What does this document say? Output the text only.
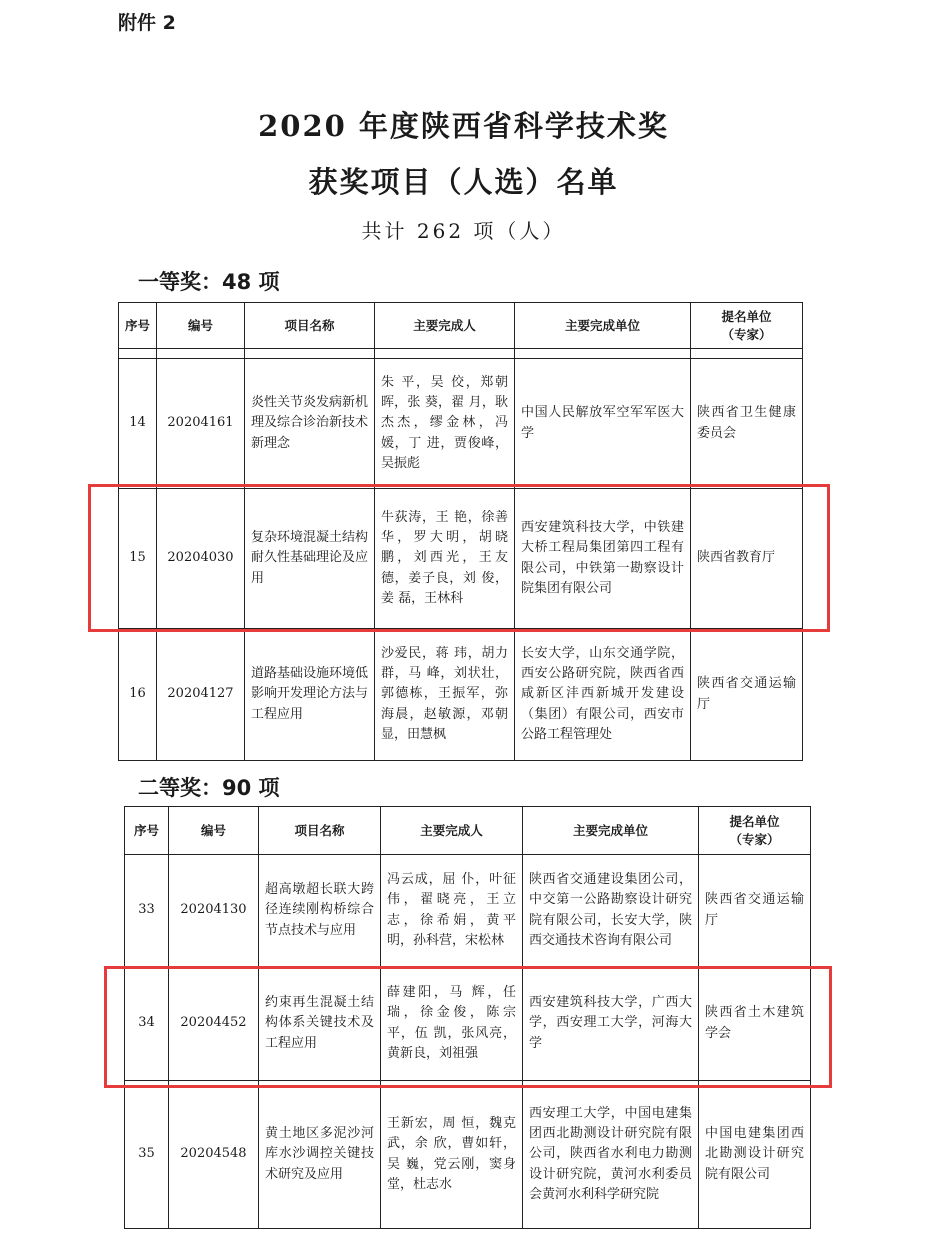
附件 2
2020 年度陕西省科学技术奖
获奖项目（人选）名单
共计 262 项（人）
一等奖：48 项
序号	编号	项目名称	主要完成人	主要完成单位	提名单位
（专家）

14	20204161	炎性关节炎发病新机理及综合诊治新技术新理念	朱 平，吴 佼，郑朝晖，张 葵，翟 月，耿杰杰，缪金林，冯 媛，丁 进，贾俊峰，吴振彪	中国人民解放军空军军医大学	陕西省卫生健康委员会
15	20204030	复杂环境混凝土结构耐久性基础理论及应用	牛荻涛，王 艳，徐善华，罗大明，胡晓鹏，刘西光，王友德，姜子良，刘 俊，姜 磊，王林科	西安建筑科技大学，中铁建大桥工程局集团第四工程有限公司，中铁第一勘察设计院集团有限公司	陕西省教育厅
16	20204127	道路基础设施环境低影响开发理论方法与工程应用	沙爱民，蒋 玮，胡力群，马 峰，刘状壮，郭德栋，王振军，弥海晨，赵敏源，邓朝显，田慧枫	长安大学，山东交通学院，西安公路研究院，陕西省西咸新区沣西新城开发建设（集团）有限公司，西安市公路工程管理处	陕西省交通运输厅
二等奖：90 项
序号	编号	项目名称	主要完成人	主要完成单位	提名单位
（专家）
33	20204130	超高墩超长联大跨径连续刚构桥综合节点技术与应用	冯云成，屈 仆，叶征伟，翟晓亮，王立志，徐希娟，黄平明，孙科营，宋松林	陕西省交通建设集团公司，中交第一公路勘察设计研究院有限公司，长安大学，陕西交通技术咨询有限公司	陕西省交通运输厅
34	20204452	约束再生混凝土结构体系关键技术及工程应用	薛建阳，马 辉，任 瑞，徐金俊，陈宗平，伍 凯，张风亮，黄新良，刘祖强	西安建筑科技大学，广西大学，西安理工大学，河海大学	陕西省土木建筑学会
35	20204548	黄土地区多泥沙河库水沙调控关键技术研究及应用	王新宏，周 恒，魏克武，余 欣，曹如轩，吴 巍，党云刚，窦身堂，杜志水	西安理工大学，中国电建集团西北勘测设计研究院有限公司，陕西省水利电力勘测设计研究院，黄河水利委员会黄河水利科学研究院	中国电建集团西北勘测设计研究院有限公司
